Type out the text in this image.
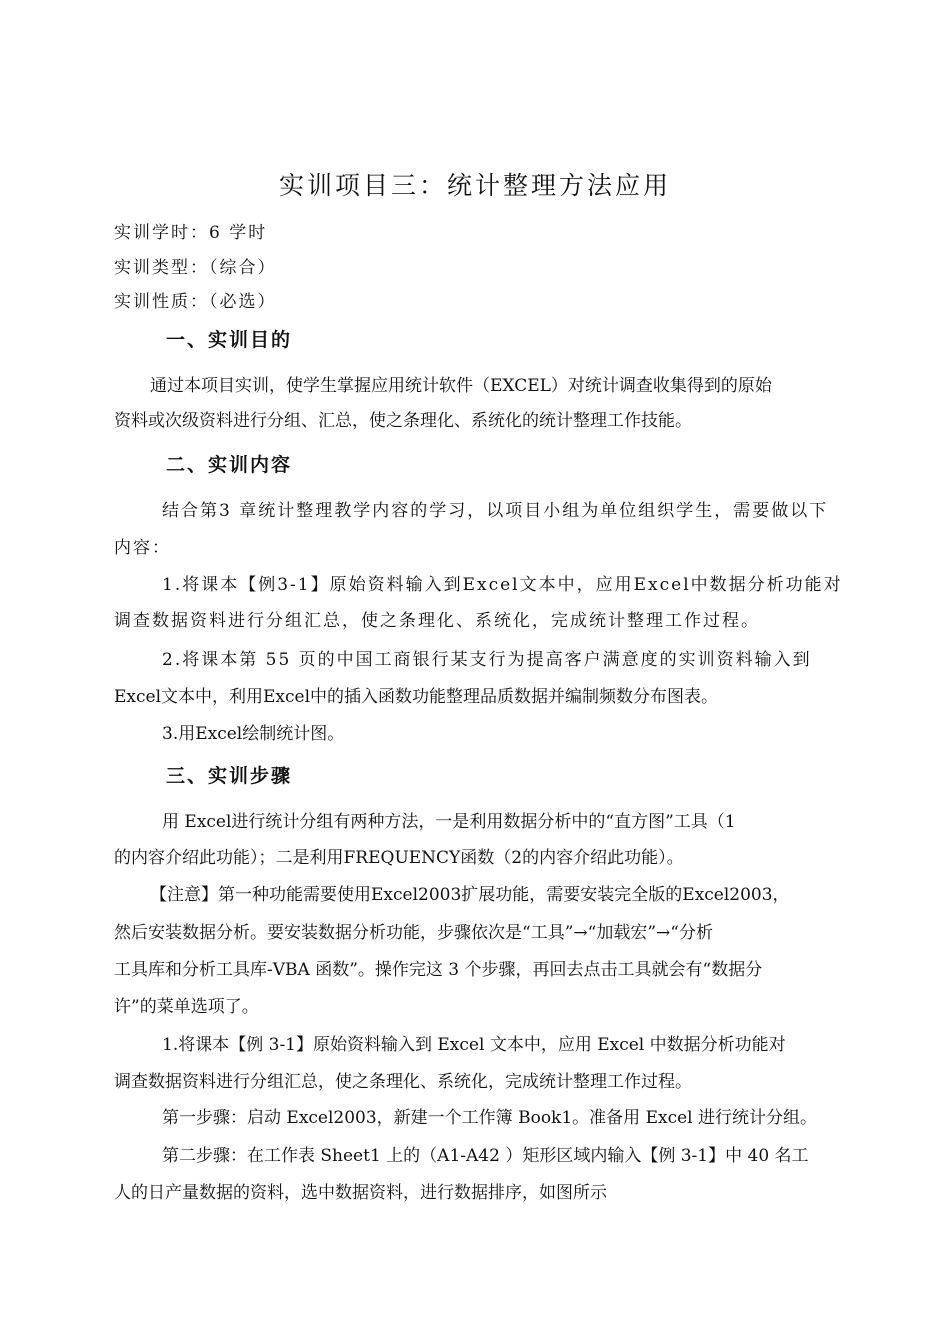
实训项目三：统计整理方法应用
实训学时：6 学时
实训类型：（综合）
实训性质：（必选）
一、实训目的
通过本项目实训，使学生掌握应用统计软件（EXCEL）对统计调查收集得到的原始
资料或次级资料进行分组、汇总，使之条理化、系统化的统计整理工作技能。
二、实训内容
结合第3 章统计整理教学内容的学习，以项目小组为单位组织学生，需要做以下
内容：
1.将课本【例3-1】原始资料输入到Excel文本中，应用Excel中数据分析功能对
调查数据资料进行分组汇总，使之条理化、系统化，完成统计整理工作过程。
2.将课本第 55 页的中国工商银行某支行为提高客户满意度的实训资料输入到
Excel文本中，利用Excel中的插入函数功能整理品质数据并编制频数分布图表。
3.用Excel绘制统计图。
三、实训步骤
用 Excel进行统计分组有两种方法，一是利用数据分析中的“直方图”工具（1
的内容介绍此功能）；二是利用FREQUENCY函数（2的内容介绍此功能）。
【注意】第一种功能需要使用Excel2003扩展功能，需要安装完全版的Excel2003，
然后安装数据分析。要安装数据分析功能，步骤依次是“工具”→“加载宏”→“分析
工具库和分析工具库-VBA 函数”。操作完这 3 个步骤，再回去点击工具就会有“数据分
许”的菜单选项了。
1.将课本【例 3-1】原始资料输入到 Excel 文本中，应用 Excel 中数据分析功能对
调查数据资料进行分组汇总，使之条理化、系统化，完成统计整理工作过程。
第一步骤：启动 Excel2003，新建一个工作簿 Book1。准备用 Excel 进行统计分组。
第二步骤：在工作表 Sheet1 上的（A1-A42 ）矩形区域内输入【例 3-1】中 40 名工
人的日产量数据的资料，选中数据资料，进行数据排序，如图所示
